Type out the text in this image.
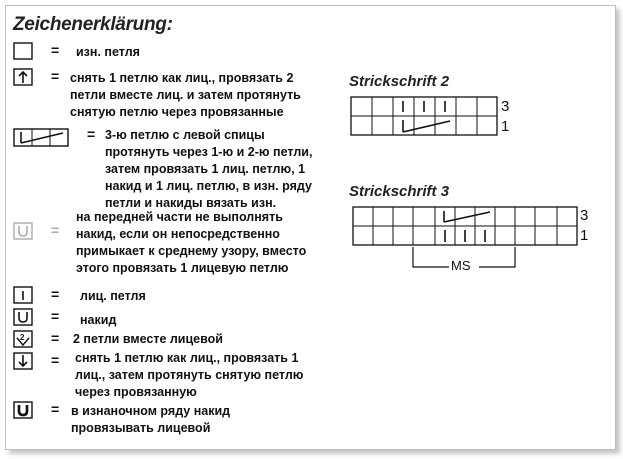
Zeichenerklärung:
= изн. петля
= снять 1 петлю как лиц., провязать 2
петли вместе лиц. и затем протянуть
снятую петлю через провязанные
= 3-ю петлю с левой спицы
протянуть через 1-ю и 2-ю петли,
затем провязать 1 лиц. петлю, 1
накид и 1 лиц. петлю, в изн. ряду
петли и накиды вязать изн.
=
на передней части не выполнять
накид, если он непосредственно
примыкает к среднему узору, вместо
этого провязать 1 лицевую петлю
= лиц. петля
= накид
2 = 2 петли вместе лицевой
= снять 1 петлю как лиц., провязать 1
лиц., затем протянуть снятую петлю
через провязанную
= в изнаночном ряду накид
провязывать лицевой
Strickschrift 2
3
1
Strickschrift 3
MS
3
1
